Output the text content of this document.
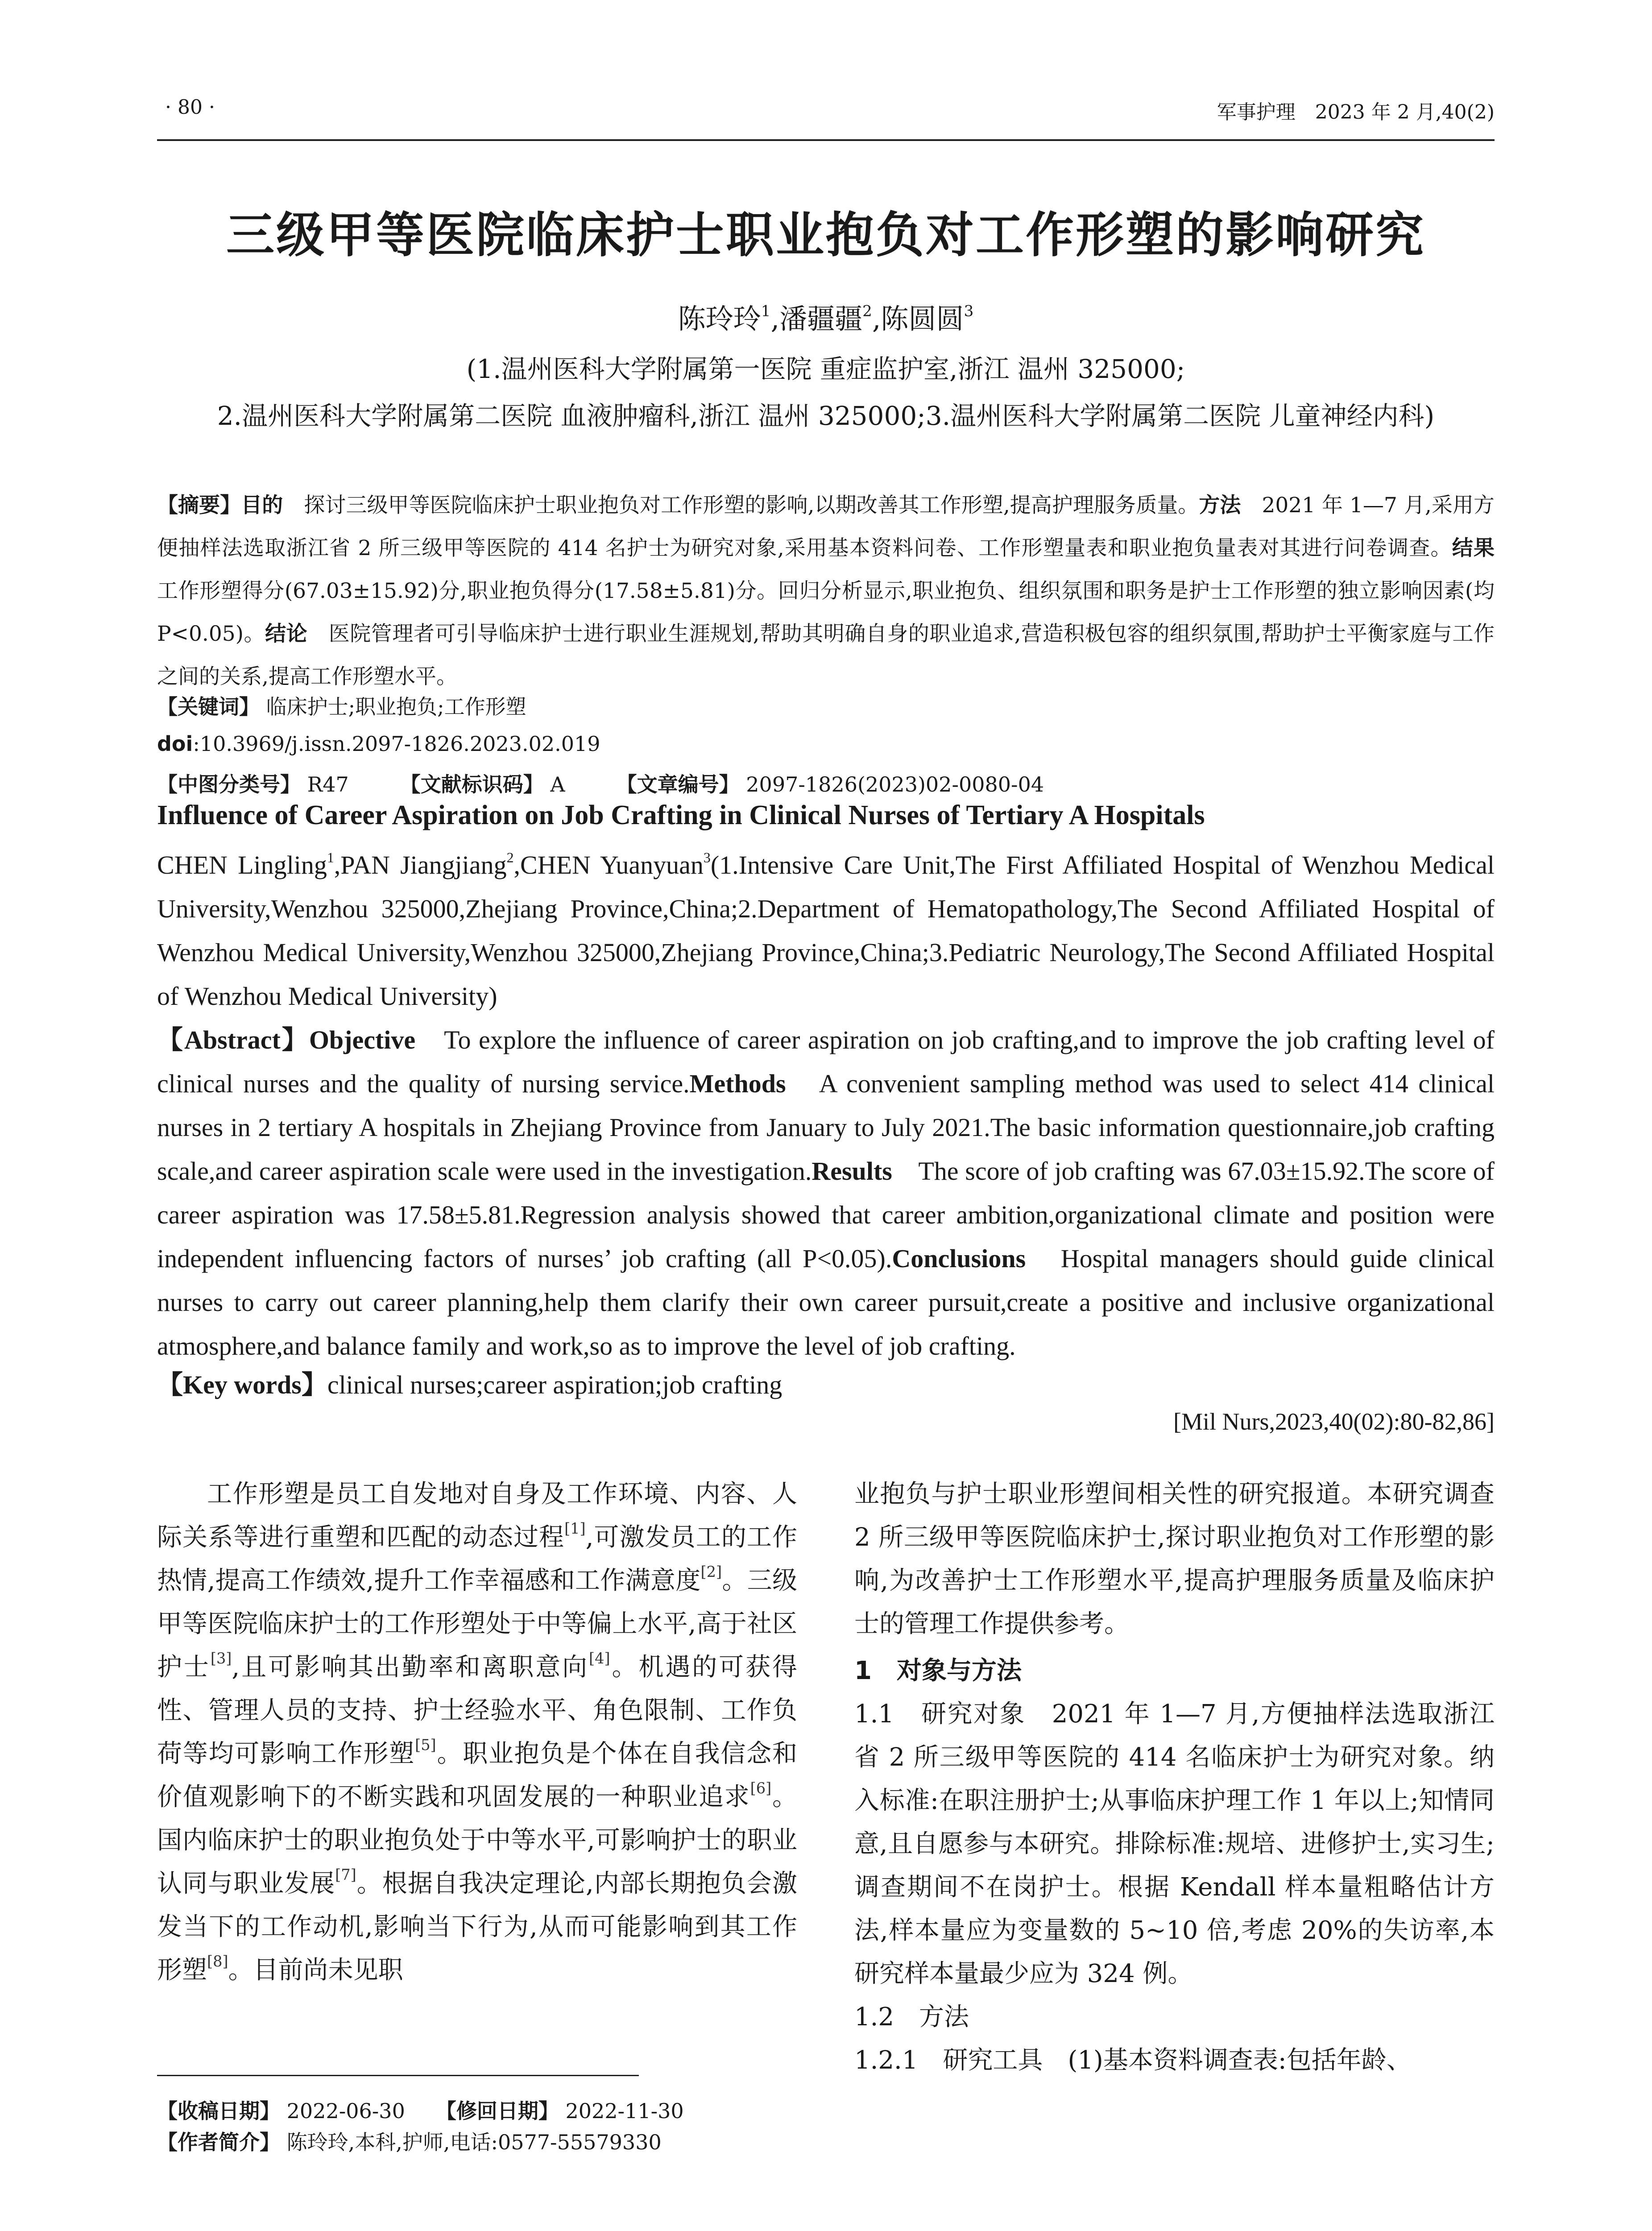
· 80 ·	军事护理　2023 年 2 月,40(2)
三级甲等医院临床护士职业抱负对工作形塑的影响研究
陈玲玲$^1$,潘疆疆$^2$,陈圆圆$^3$
(1.温州医科大学附属第一医院 重症监护室,浙江 温州 325000;
2.温州医科大学附属第二医院 血液肿瘤科,浙江 温州 325000;3.温州医科大学附属第二医院 儿童神经内科)
【摘要】目的　 探讨三级甲等医院临床护士职业抱负对工作形塑的影响,以期改善其工作形塑,提高护理服务质量。方法　 2021 年 1—7 月,采用方便抽样法选取浙江省 2 所三级甲等医院的 414 名护士为研究对象,采用基本资料问卷、工作形塑量表和职业抱负量表对其进行问卷调查。结果　工作形塑得分(67.03±15.92)分,职业抱负得分(17.58±5.81)分。回归分析显示,职业抱负、组织氛围和职务是护士工作形塑的独立影响因素(均 P<0.05)。结论　 医院管理者可引导临床护士进行职业生涯规划,帮助其明确自身的职业追求,营造积极包容的组织氛围,帮助护士平衡家庭与工作之间的关系,提高工作形塑水平。
【关键词】 临床护士;职业抱负;工作形塑
doi:10.3969/j.issn.2097-1826.2023.02.019
【中图分类号】 R47　　　	【文献标识码】 A　　　	【文章编号】 2097-1826(2023)02-0080-04
Influence of Career Aspiration on Job Crafting in Clinical Nurses of Tertiary A Hospitals
CHEN Lingling$^1$,PAN Jiangjiang$^2$,CHEN Yuanyuan$^3$(1.Intensive Care Unit,The First Affiliated Hospital of Wenzhou Medical University,Wenzhou 325000,Zhejiang Province,China;2.Department of Hematopathology,The Second Affiliated Hospital of Wenzhou Medical University,Wenzhou 325000,Zhejiang Province,China;3.Pediatric Neurology,The Second Affiliated Hospital of Wenzhou Medical University)
【Abstract】Objective　 To explore the influence of career aspiration on job crafting,and to improve the job crafting level of clinical nurses and the quality of nursing service.Methods　 A convenient sampling method was used to select 414 clinical nurses in 2 tertiary A hospitals in Zhejiang Province from January to July 2021.The basic information questionnaire,job crafting scale,and career aspiration scale were used in the investigation.Results　 The score of job crafting was 67.03±15.92.The score of career aspiration was 17.58±5.81.Regression analysis showed that career ambition,organizational climate and position were independent influencing factors of nurses’ job crafting (all P<0.05).Conclusions　 Hospital managers should guide clinical nurses to carry out career planning,help them clarify their own career pursuit,create a positive and inclusive organizational atmosphere,and balance family and work,so as to improve the level of job crafting.
【Key words】clinical nurses;career aspiration;job crafting
[Mil Nurs,2023,40(02):80-82,86]

工作形塑是员工自发地对自身及工作环境、内容、人际关系等进行重塑和匹配的动态过程[1],可激发员工的工作热情,提高工作绩效,提升工作幸福感和工作满意度[2]。三级甲等医院临床护士的工作形塑处于中等偏上水平,高于社区护士[3],且可影响其出勤率和离职意向[4]。机遇的可获得性、管理人员的支持、护士经验水平、角色限制、工作负荷等均可影响工作形塑[5]。职业抱负是个体在自我信念和价值观影响下的不断实践和巩固发展的一种职业追求[6]。国内临床护士的职业抱负处于中等水平,可影响护士的职业认同与职业发展[7]。根据自我决定理论,内部长期抱负会激发当下的工作动机,影响当下行为,从而可能影响到其工作形塑[8]。目前尚未见职

业抱负与护士职业形塑间相关性的研究报道。本研究调查 2 所三级甲等医院临床护士,探讨职业抱负对工作形塑的影响,为改善护士工作形塑水平,提高护理服务质量及临床护士的管理工作提供参考。

1　对象与方法

1.1　研究对象　2021 年 1—7 月,方便抽样法选取浙江省 2 所三级甲等医院的 414 名临床护士为研究对象。纳入标准:在职注册护士;从事临床护理工作 1 年以上;知情同意,且自愿参与本研究。排除标准:规培、进修护士,实习生;调查期间不在岗护士。根据 Kendall 样本量粗略估计方法,样本量应为变量数的 5~10 倍,考虑 20%的失访率,本研究样本量最少应为 324 例。

1.2　方法

1.2.1　研究工具　(1)基本资料调查表:包括年龄、

【收稿日期】 2022-06-30　　 【修回日期】 2022-11-30
【作者简介】 陈玲玲,本科,护师,电话:0577-55579330
